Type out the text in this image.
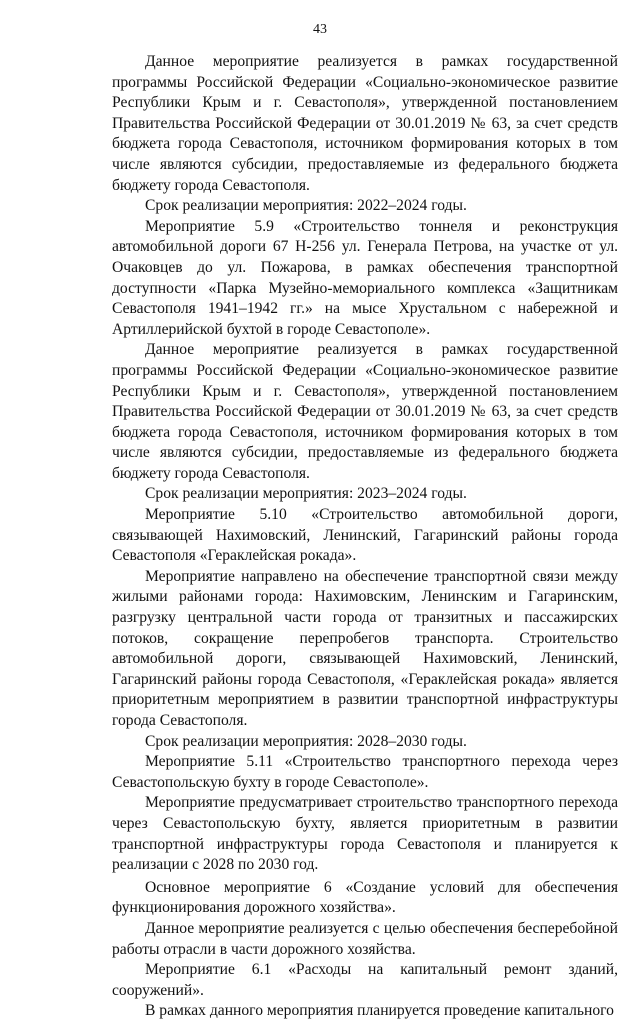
43

Данное мероприятие реализуется в рамках государственной программы Российской Федерации «Социально-экономическое развитие Республики Крым и г. Севастополя», утвержденной постановлением Правительства Российской Федерации от 30.01.2019 № 63, за счет средств бюджета города Севастополя, источником формирования которых в том числе являются субсидии, предоставляемые из федерального бюджета бюджету города Севастополя.

Срок реализации мероприятия: 2022–2024 годы.

Мероприятие 5.9 «Строительство тоннеля и реконструкция автомобильной дороги 67 Н-256 ул. Генерала Петрова, на участке от ул. Очаковцев до ул. Пожарова, в рамках обеспечения транспортной доступности «Парка Музейно-мемориального комплекса «Защитникам Севастополя 1941–1942 гг.» на мысе Хрустальном с набережной и Артиллерийской бухтой в городе Севастополе».

Данное мероприятие реализуется в рамках государственной программы Российской Федерации «Социально-экономическое развитие Республики Крым и г. Севастополя», утвержденной постановлением Правительства Российской Федерации от 30.01.2019 № 63, за счет средств бюджета города Севастополя, источником формирования которых в том числе являются субсидии, предоставляемые из федерального бюджета бюджету города Севастополя.

Срок реализации мероприятия: 2023–2024 годы.

Мероприятие 5.10 «Строительство автомобильной дороги, связывающей Нахимовский, Ленинский, Гагаринский районы города Севастополя «Гераклейская рокада».

Мероприятие направлено на обеспечение транспортной связи между жилыми районами города: Нахимовским, Ленинским и Гагаринским, разгрузку центральной части города от транзитных и пассажирских потоков, сокращение перепробегов транспорта. Строительство автомобильной дороги, связывающей Нахимовский, Ленинский, Гагаринский районы города Севастополя, «Гераклейская рокада» является приоритетным мероприятием в развитии транспортной инфраструктуры города Севастополя.

Срок реализации мероприятия: 2028–2030 годы.

Мероприятие 5.11 «Строительство транспортного перехода через Севастопольскую бухту в городе Севастополе».

Мероприятие предусматривает строительство транспортного перехода через Севастопольскую бухту, является приоритетным в развитии транспортной инфраструктуры города Севастополя и планируется к реализации с 2028 по 2030 год.

Основное мероприятие 6 «Создание условий для обеспечения функционирования дорожного хозяйства».

Данное мероприятие реализуется с целью обеспечения бесперебойной работы отрасли в части дорожного хозяйства.

Мероприятие 6.1 «Расходы на капитальный ремонт зданий, сооружений».

В рамках данного мероприятия планируется проведение капитального
